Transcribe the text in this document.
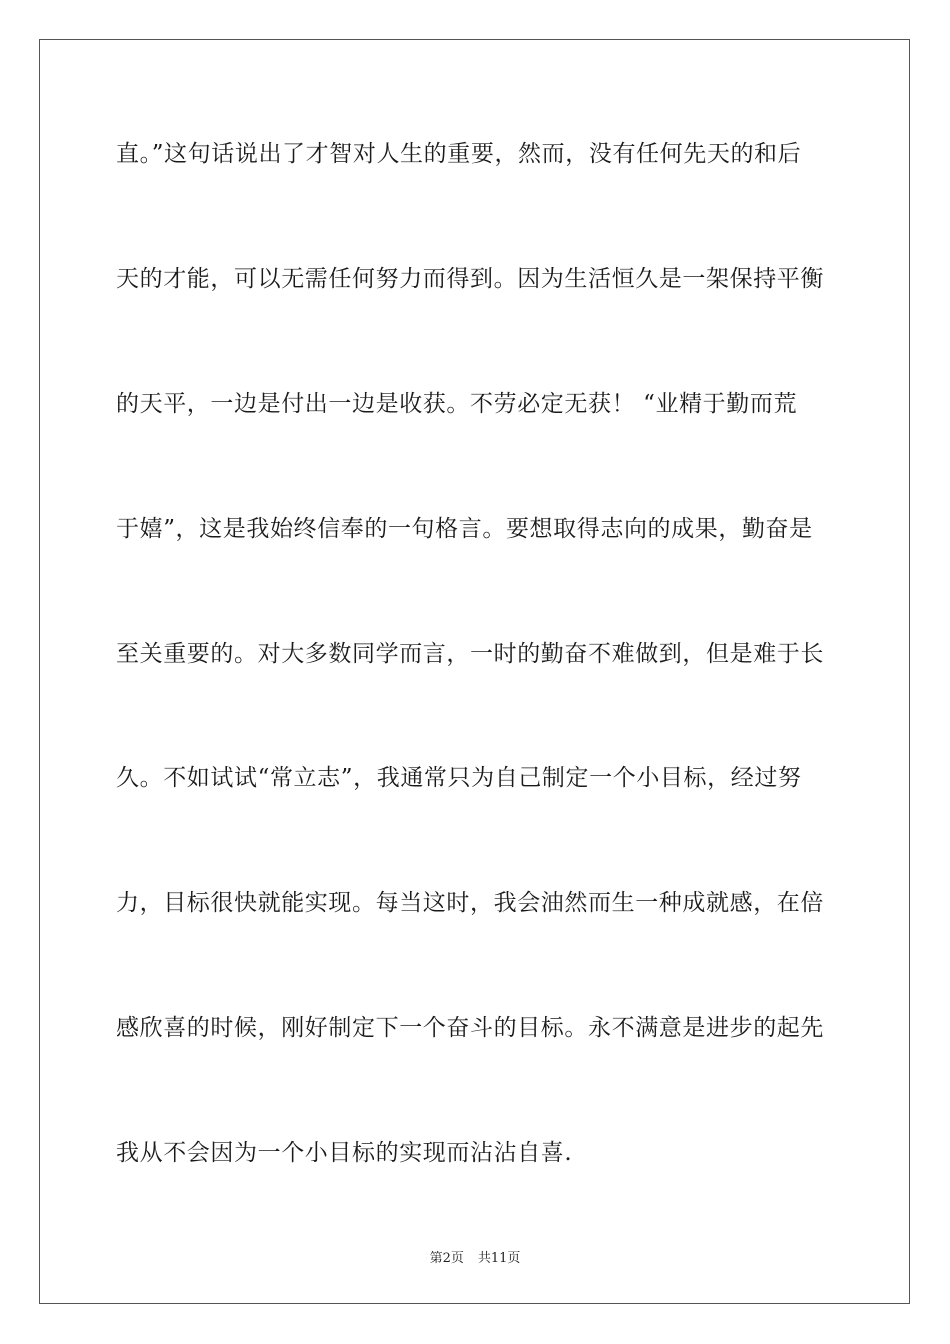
直。”这句话说出了才智对人生的重要，然而，没有任何先天的和后
天的才能，可以无需任何努力而得到。因为生活恒久是一架保持平衡
的天平，一边是付出一边是收获。不劳必定无获！ “业精于勤而荒
于嬉”，这是我始终信奉的一句格言。要想取得志向的成果，勤奋是
至关重要的。对大多数同学而言，一时的勤奋不难做到，但是难于长
久。不如试试“常立志”，我通常只为自己制定一个小目标，经过努
力，目标很快就能实现。每当这时，我会油然而生一种成就感，在倍
感欣喜的时候，刚好制定下一个奋斗的目标。永不满意是进步的起先
我从不会因为一个小目标的实现而沾沾自喜.
第2页 共11页
